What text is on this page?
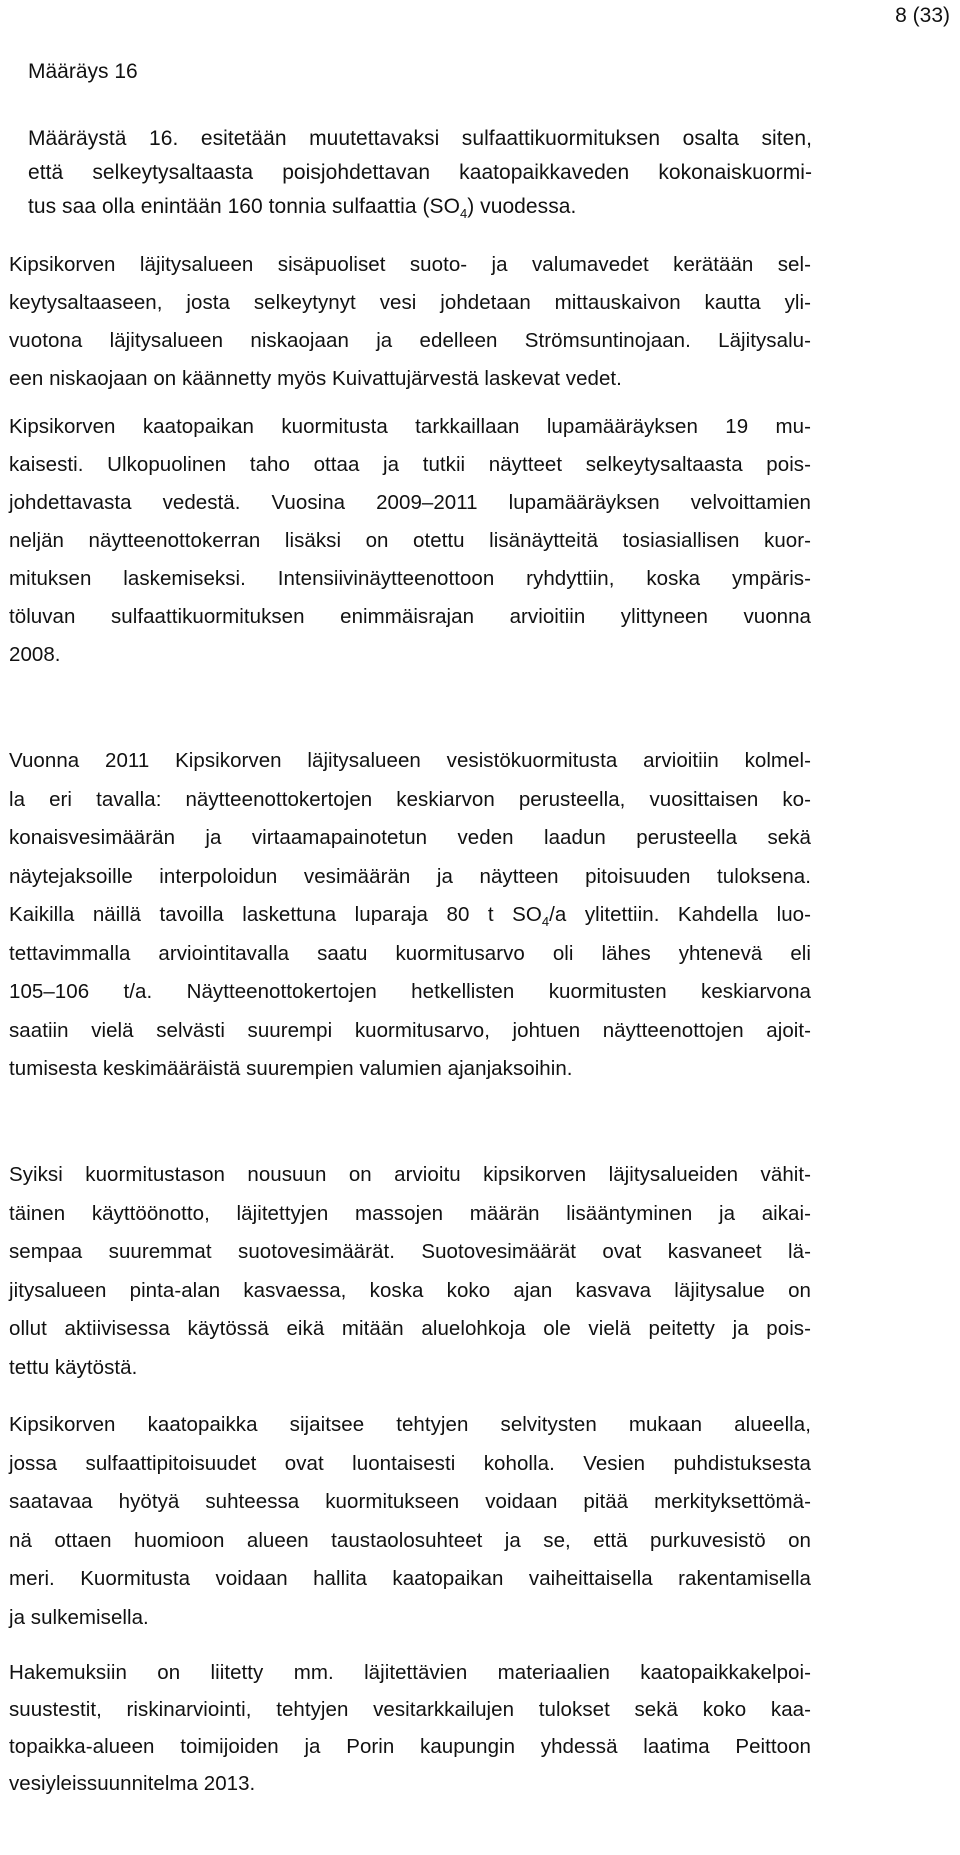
8 (33)
Määräys 16
Määräystä 16. esitetään muutettavaksi sulfaattikuormituksen osalta siten,
että selkeytysaltaasta poisjohdettavan kaatopaikkaveden kokonaiskuormi-
tus saa olla enintään 160 tonnia sulfaattia $(SO_4)$ vuodessa.
Kipsikorven läjitysalueen sisäpuoliset suoto- ja valumavedet kerätään sel-
keytysaltaaseen, josta selkeytynyt vesi johdetaan mittauskaivon kautta yli-
vuotona läjitysalueen niskaojaan ja edelleen Strömsuntinojaan. Läjitysalu-
een niskaojaan on käännetty myös Kuivattujärvestä laskevat vedet.
Kipsikorven kaatopaikan kuormitusta tarkkaillaan lupamääräyksen 19 mu-
kaisesti. Ulkopuolinen taho ottaa ja tutkii näytteet selkeytysaltaasta pois-
johdettavasta vedestä. Vuosina 2009–2011 lupamääräyksen velvoittamien
neljän näytteenottokerran lisäksi on otettu lisänäytteitä tosiasiallisen kuor-
mituksen laskemiseksi. Intensiivinäytteenottoon ryhdyttiin, koska ympäris-
töluvan sulfaattikuormituksen enimmäisrajan arvioitiin ylittyneen vuonna
2008.
Vuonna 2011 Kipsikorven läjitysalueen vesistökuormitusta arvioitiin kolmel-
la eri tavalla: näytteenottokertojen keskiarvon perusteella, vuosittaisen ko-
konaisvesimäärän ja virtaamapainotetun veden laadun perusteella sekä
näytejaksoille interpoloidun vesimäärän ja näytteen pitoisuuden tuloksena.
Kaikilla näillä tavoilla laskettuna luparaja 80 t $SO_4/a$ ylitettiin. Kahdella luo-
tettavimmalla arviointitavalla saatu kuormitusarvo oli lähes yhtenevä eli
105–106 t/a. Näytteenottokertojen hetkellisten kuormitusten keskiarvona
saatiin vielä selvästi suurempi kuormitusarvo, johtuen näytteenottojen ajoit-
tumisesta keskimääräistä suurempien valumien ajanjaksoihin.
Syiksi kuormitustason nousuun on arvioitu kipsikorven läjitysalueiden vähit-
täinen käyttöönotto, läjitettyjen massojen määrän lisääntyminen ja aikai-
sempaa suuremmat suotovesimäärät. Suotovesimäärät ovat kasvaneet lä-
jitysalueen pinta-alan kasvaessa, koska koko ajan kasvava läjitysalue on
ollut aktiivisessa käytössä eikä mitään aluelohkoja ole vielä peitetty ja pois-
tettu käytöstä.
Kipsikorven kaatopaikka sijaitsee tehtyjen selvitysten mukaan alueella,
jossa sulfaattipitoisuudet ovat luontaisesti koholla. Vesien puhdistuksesta
saatavaa hyötyä suhteessa kuormitukseen voidaan pitää merkityksettömä-
nä ottaen huomioon alueen taustaolosuhteet ja se, että purkuvesistö on
meri. Kuormitusta voidaan hallita kaatopaikan vaiheittaisella rakentamisella
ja sulkemisella.
Hakemuksiin on liitetty mm. läjitettävien materiaalien kaatopaikkakelpoi-
suustestit, riskinarviointi, tehtyjen vesitarkkailujen tulokset sekä koko kaa-
topaikka-alueen toimijoiden ja Porin kaupungin yhdessä laatima Peittoon
vesiyleissuunnitelma 2013.
